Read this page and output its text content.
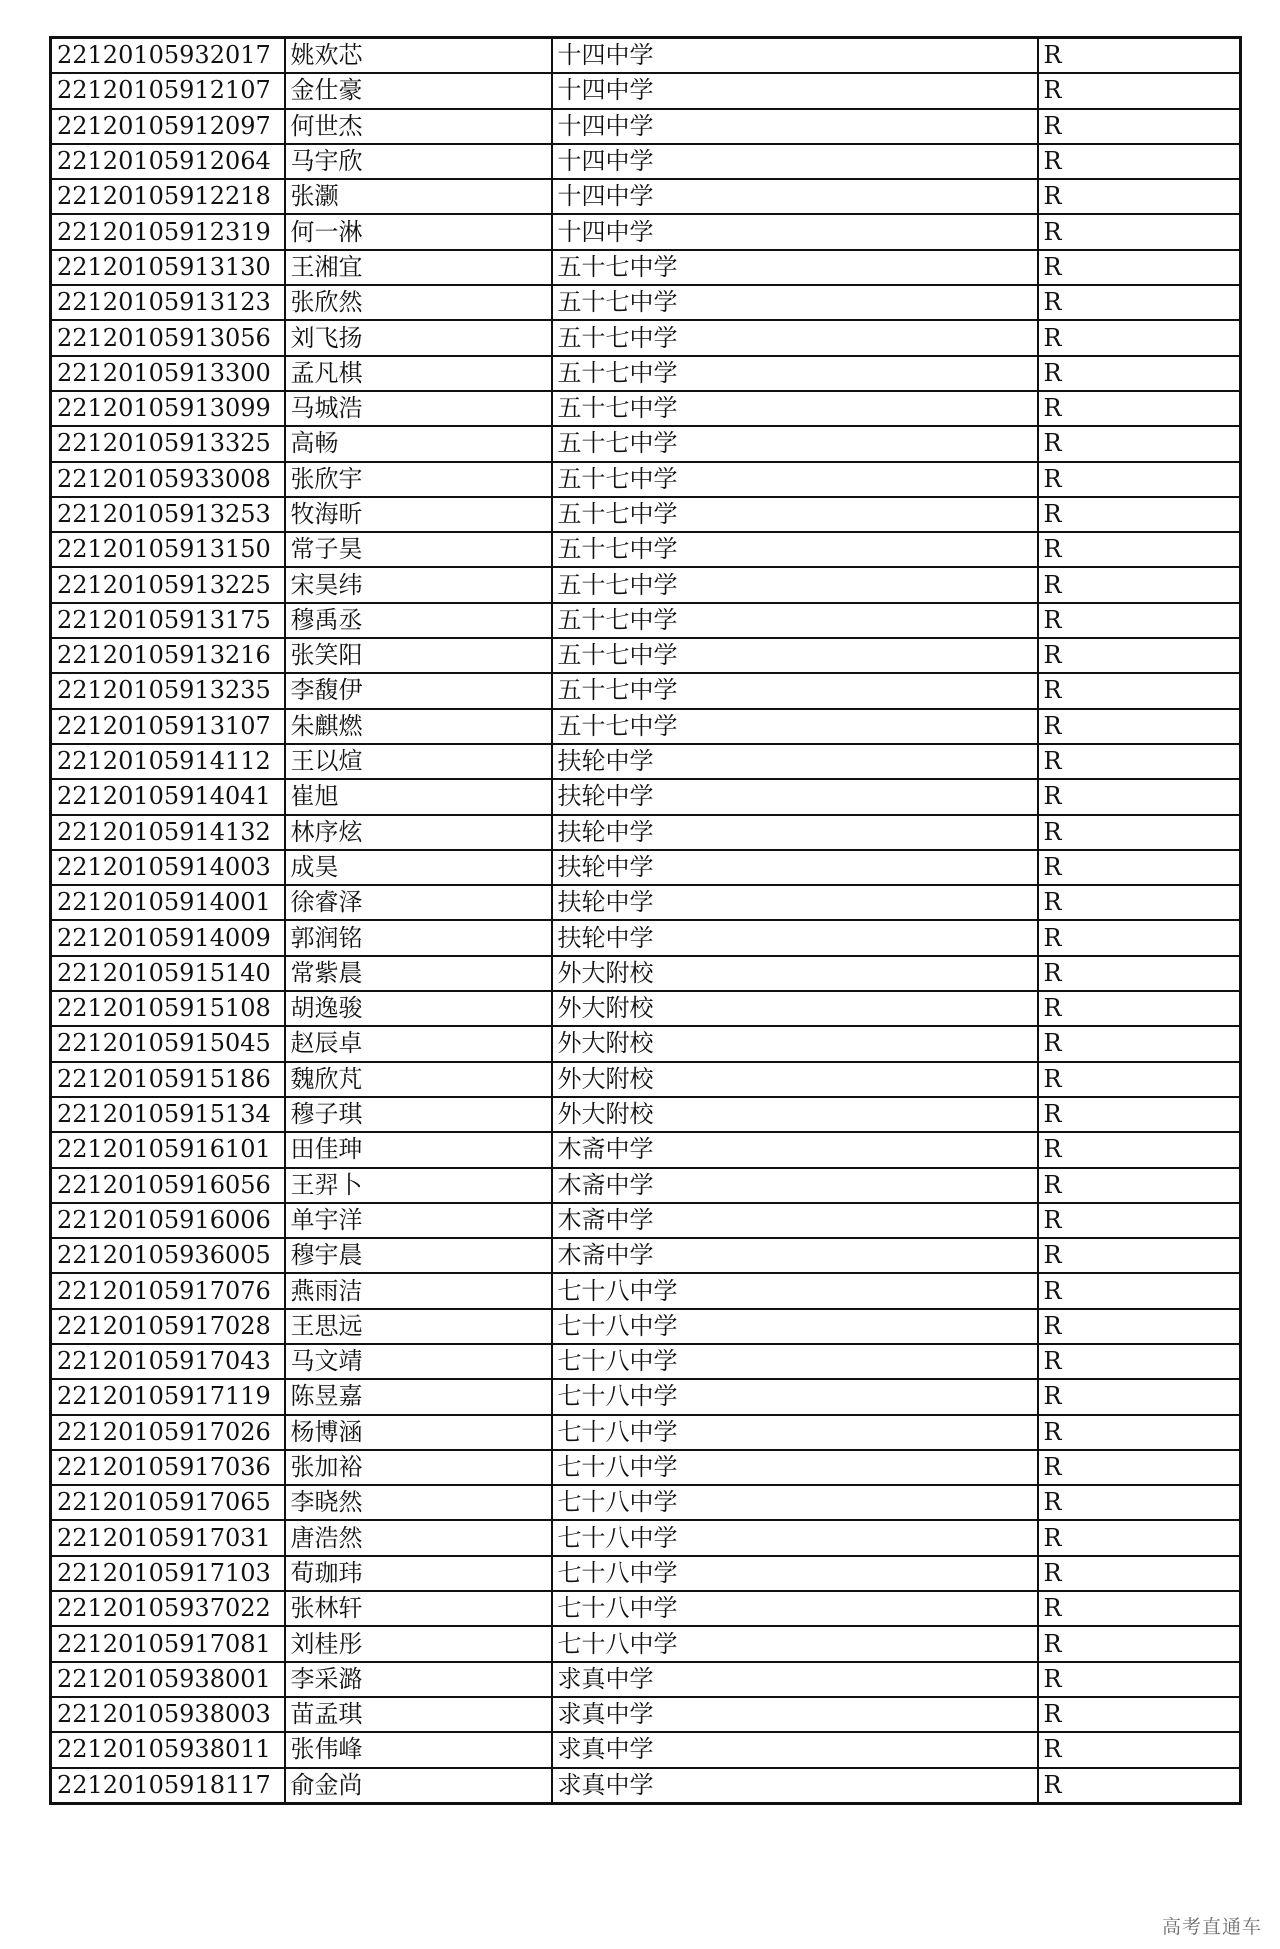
22120105932017	姚欢芯	十四中学	R
22120105912107	金仕豪	十四中学	R
22120105912097	何世杰	十四中学	R
22120105912064	马宇欣	十四中学	R
22120105912218	张灏	十四中学	R
22120105912319	何一淋	十四中学	R
22120105913130	王湘宜	五十七中学	R
22120105913123	张欣然	五十七中学	R
22120105913056	刘飞扬	五十七中学	R
22120105913300	孟凡棋	五十七中学	R
22120105913099	马城浩	五十七中学	R
22120105913325	高畅	五十七中学	R
22120105933008	张欣宇	五十七中学	R
22120105913253	牧海昕	五十七中学	R
22120105913150	常子昊	五十七中学	R
22120105913225	宋昊纬	五十七中学	R
22120105913175	穆禹丞	五十七中学	R
22120105913216	张笑阳	五十七中学	R
22120105913235	李馥伊	五十七中学	R
22120105913107	朱麒燃	五十七中学	R
22120105914112	王以煊	扶轮中学	R
22120105914041	崔旭	扶轮中学	R
22120105914132	林序炫	扶轮中学	R
22120105914003	成昊	扶轮中学	R
22120105914001	徐睿泽	扶轮中学	R
22120105914009	郭润铭	扶轮中学	R
22120105915140	常紫晨	外大附校	R
22120105915108	胡逸骏	外大附校	R
22120105915045	赵辰卓	外大附校	R
22120105915186	魏欣芃	外大附校	R
22120105915134	穆子琪	外大附校	R
22120105916101	田佳珅	木斋中学	R
22120105916056	王羿卜	木斋中学	R
22120105916006	单宇洋	木斋中学	R
22120105936005	穆宇晨	木斋中学	R
22120105917076	燕雨洁	七十八中学	R
22120105917028	王思远	七十八中学	R
22120105917043	马文靖	七十八中学	R
22120105917119	陈昱嘉	七十八中学	R
22120105917026	杨博涵	七十八中学	R
22120105917036	张加裕	七十八中学	R
22120105917065	李晓然	七十八中学	R
22120105917031	唐浩然	七十八中学	R
22120105917103	荀珈玮	七十八中学	R
22120105937022	张林轩	七十八中学	R
22120105917081	刘桂彤	七十八中学	R
22120105938001	李采潞	求真中学	R
22120105938003	苗孟琪	求真中学	R
22120105938011	张伟峰	求真中学	R
22120105918117	俞金尚	求真中学	R
高考直通车
